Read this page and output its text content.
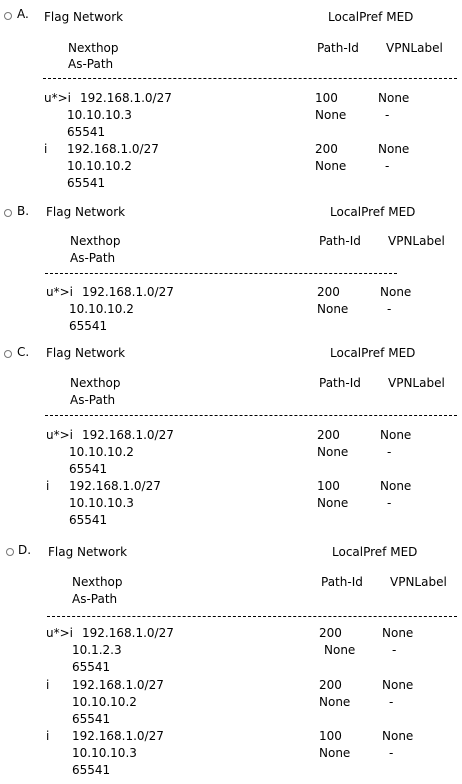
A. Flag Network	LocalPref MED
Nexthop	Path-Id VPNLabel
As-Path
u*>i 192.168.1.0/27	100	None
10.10.10.3	None	-
65541
i 192.168.1.0/27	200	None
10.10.10.2	None	-
65541
B. Flag Network	LocalPref MED
Nexthop	Path-Id VPNLabel
As-Path
u*>i 192.168.1.0/27	200	None
10.10.10.2	None	-
65541
C. Flag Network	LocalPref MED
Nexthop	Path-Id VPNLabel
As-Path
u*>i 192.168.1.0/27	200	None
10.10.10.2	None	-
65541
i 192.168.1.0/27	100	None
10.10.10.3	None	-
65541
D. Flag Network	LocalPref MED
Nexthop	Path-Id VPNLabel
As-Path
u*>i 192.168.1.0/27	200	None
10.1.2.3	None	-
65541
i 192.168.1.0/27	200	None
10.10.10.2	None	-
65541
i 192.168.1.0/27	100	None
10.10.10.3	None	-
65541
